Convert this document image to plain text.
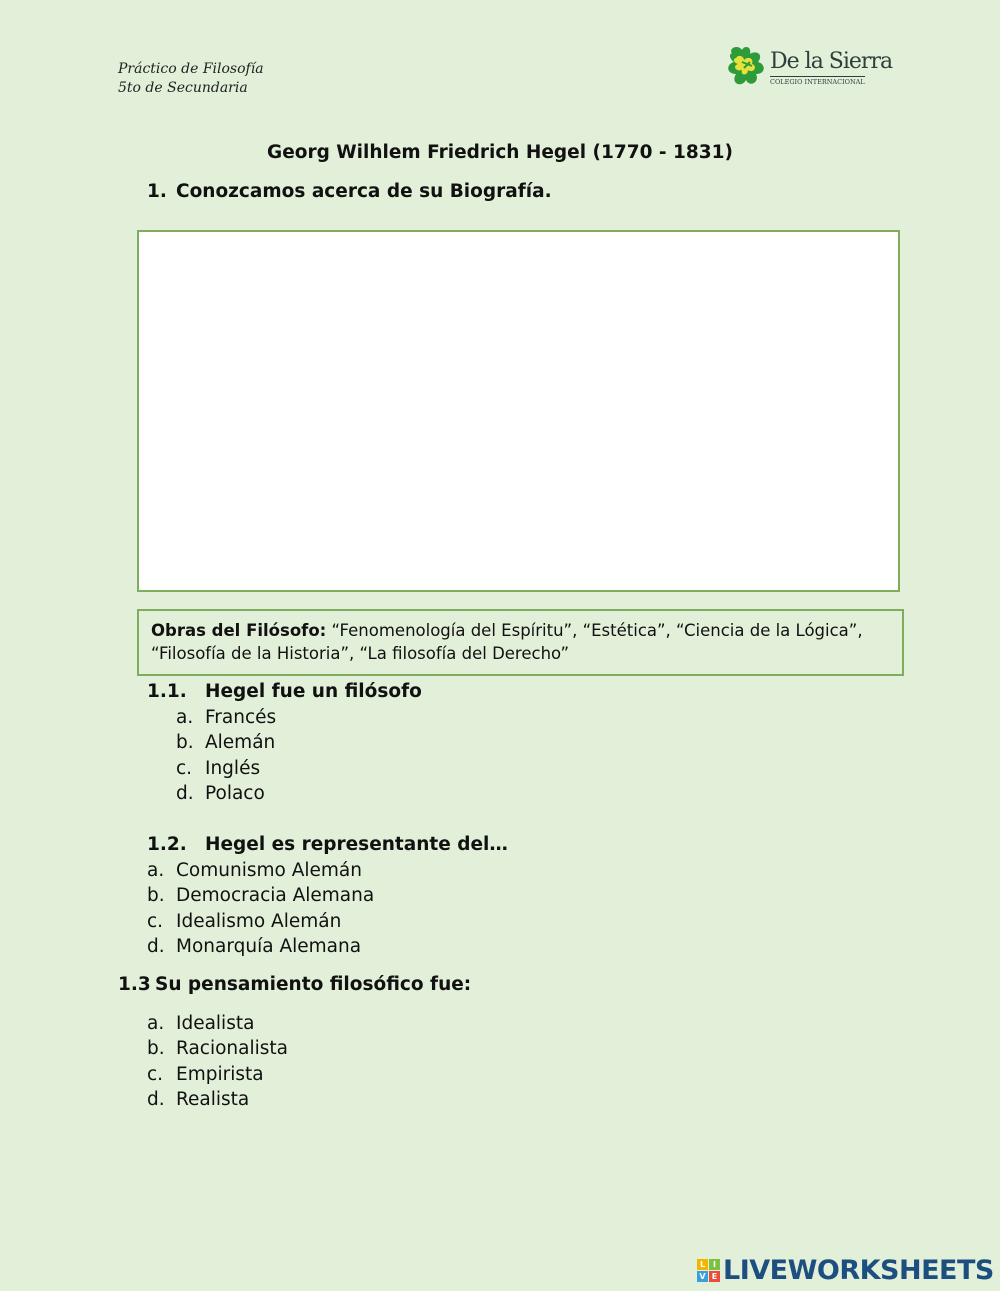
Práctico de Filosofía
5to de Secundaria
De la Sierra
COLEGIO INTERNACIONAL
Georg Wilhlem Friedrich Hegel (1770 - 1831)
1. Conozcamos acerca de su Biografía.
Obras del Filósofo: “Fenomenología del Espíritu”, “Estética”, “Ciencia de la Lógica”, “Filosofía de la Historia”, “La filosofía del Derecho”
1.1. Hegel fue un filósofo
a. Francés
b. Alemán
c. Inglés
d. Polaco
1.2. Hegel es representante del…
a. Comunismo Alemán
b. Democracia Alemana
c. Idealismo Alemán
d. Monarquía Alemana
1.3 Su pensamiento filosófico fue:
a. Idealista
b. Racionalista
c. Empirista
d. Realista
L I
V E LIVEWORKSHEETS
